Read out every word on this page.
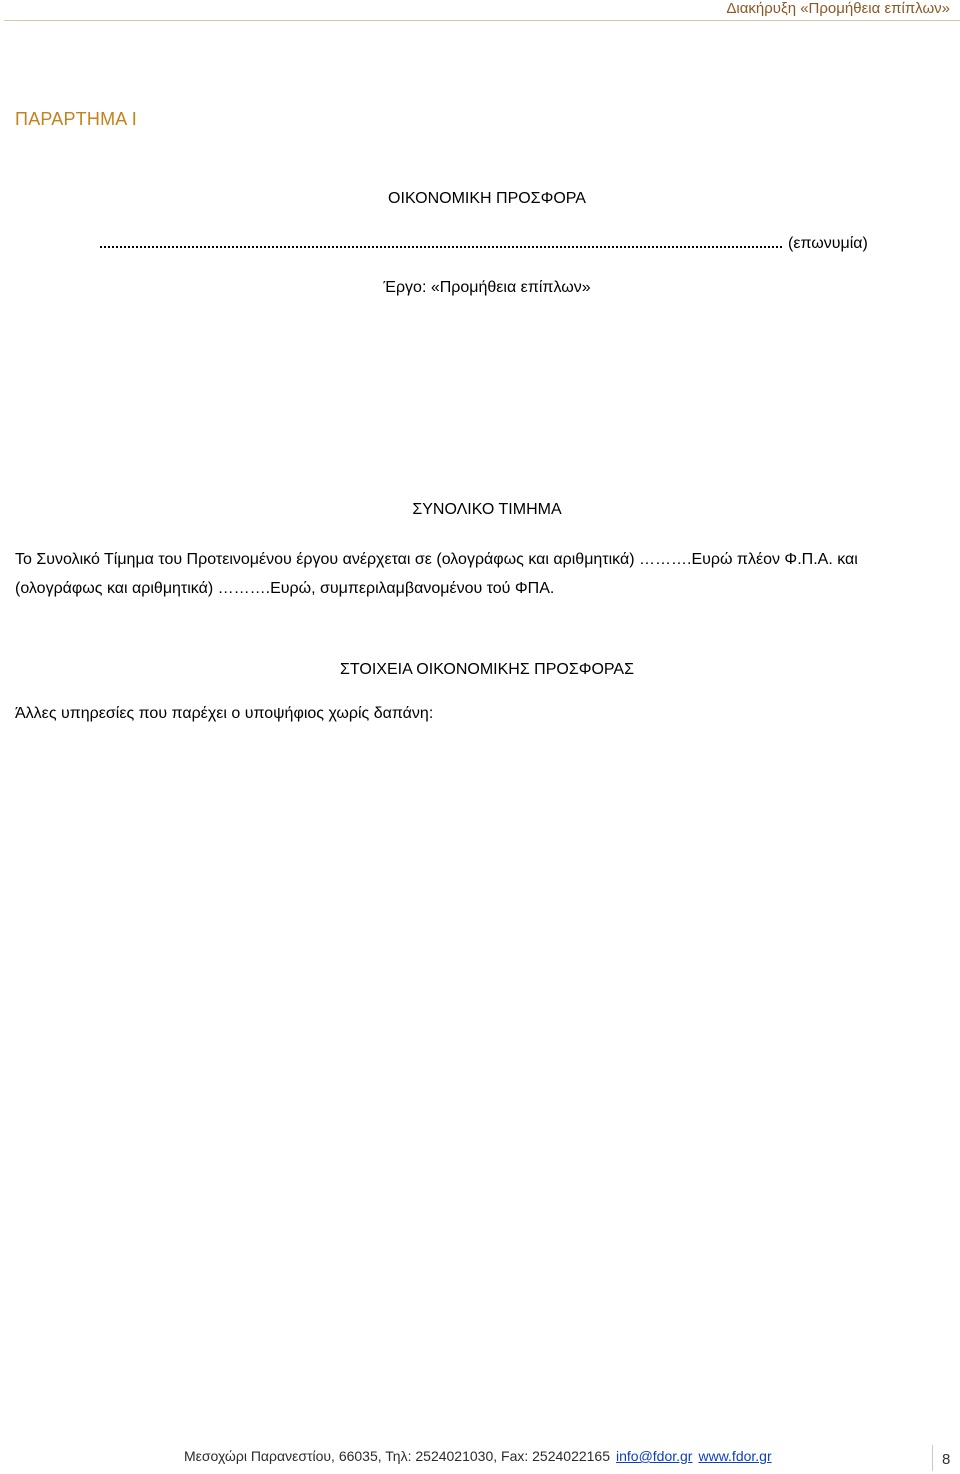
Διακήρυξη «Προμήθεια επίπλων»
ΠΑΡΑΡΤΗΜΑ Ι
ΟΙΚΟΝΟΜΙΚΗ ΠΡΟΣΦΟΡΑ
(επωνυμία)
Έργο: «Προμήθεια επίπλων»
ΣΥΝΟΛΙΚΟ ΤΙΜΗΜΑ
Το Συνολικό Τίμημα του Προτεινομένου έργου ανέρχεται σε (ολογράφως και αριθμητικά) ……….Ευρώ πλέον Φ.Π.Α. και
(ολογράφως και αριθμητικά) ……….Ευρώ, συμπεριλαμβανομένου τού ΦΠΑ.
ΣΤΟΙΧΕΙΑ ΟΙΚΟΝΟΜΙΚΗΣ ΠΡΟΣΦΟΡΑΣ
Άλλες υπηρεσίες που παρέχει ο υποψήφιος χωρίς δαπάνη:
Μεσοχώρι Παρανεστίου, 66035, Τηλ: 2524021030, Fax: 2524022165 info@fdor.gr www.fdor.gr	8
